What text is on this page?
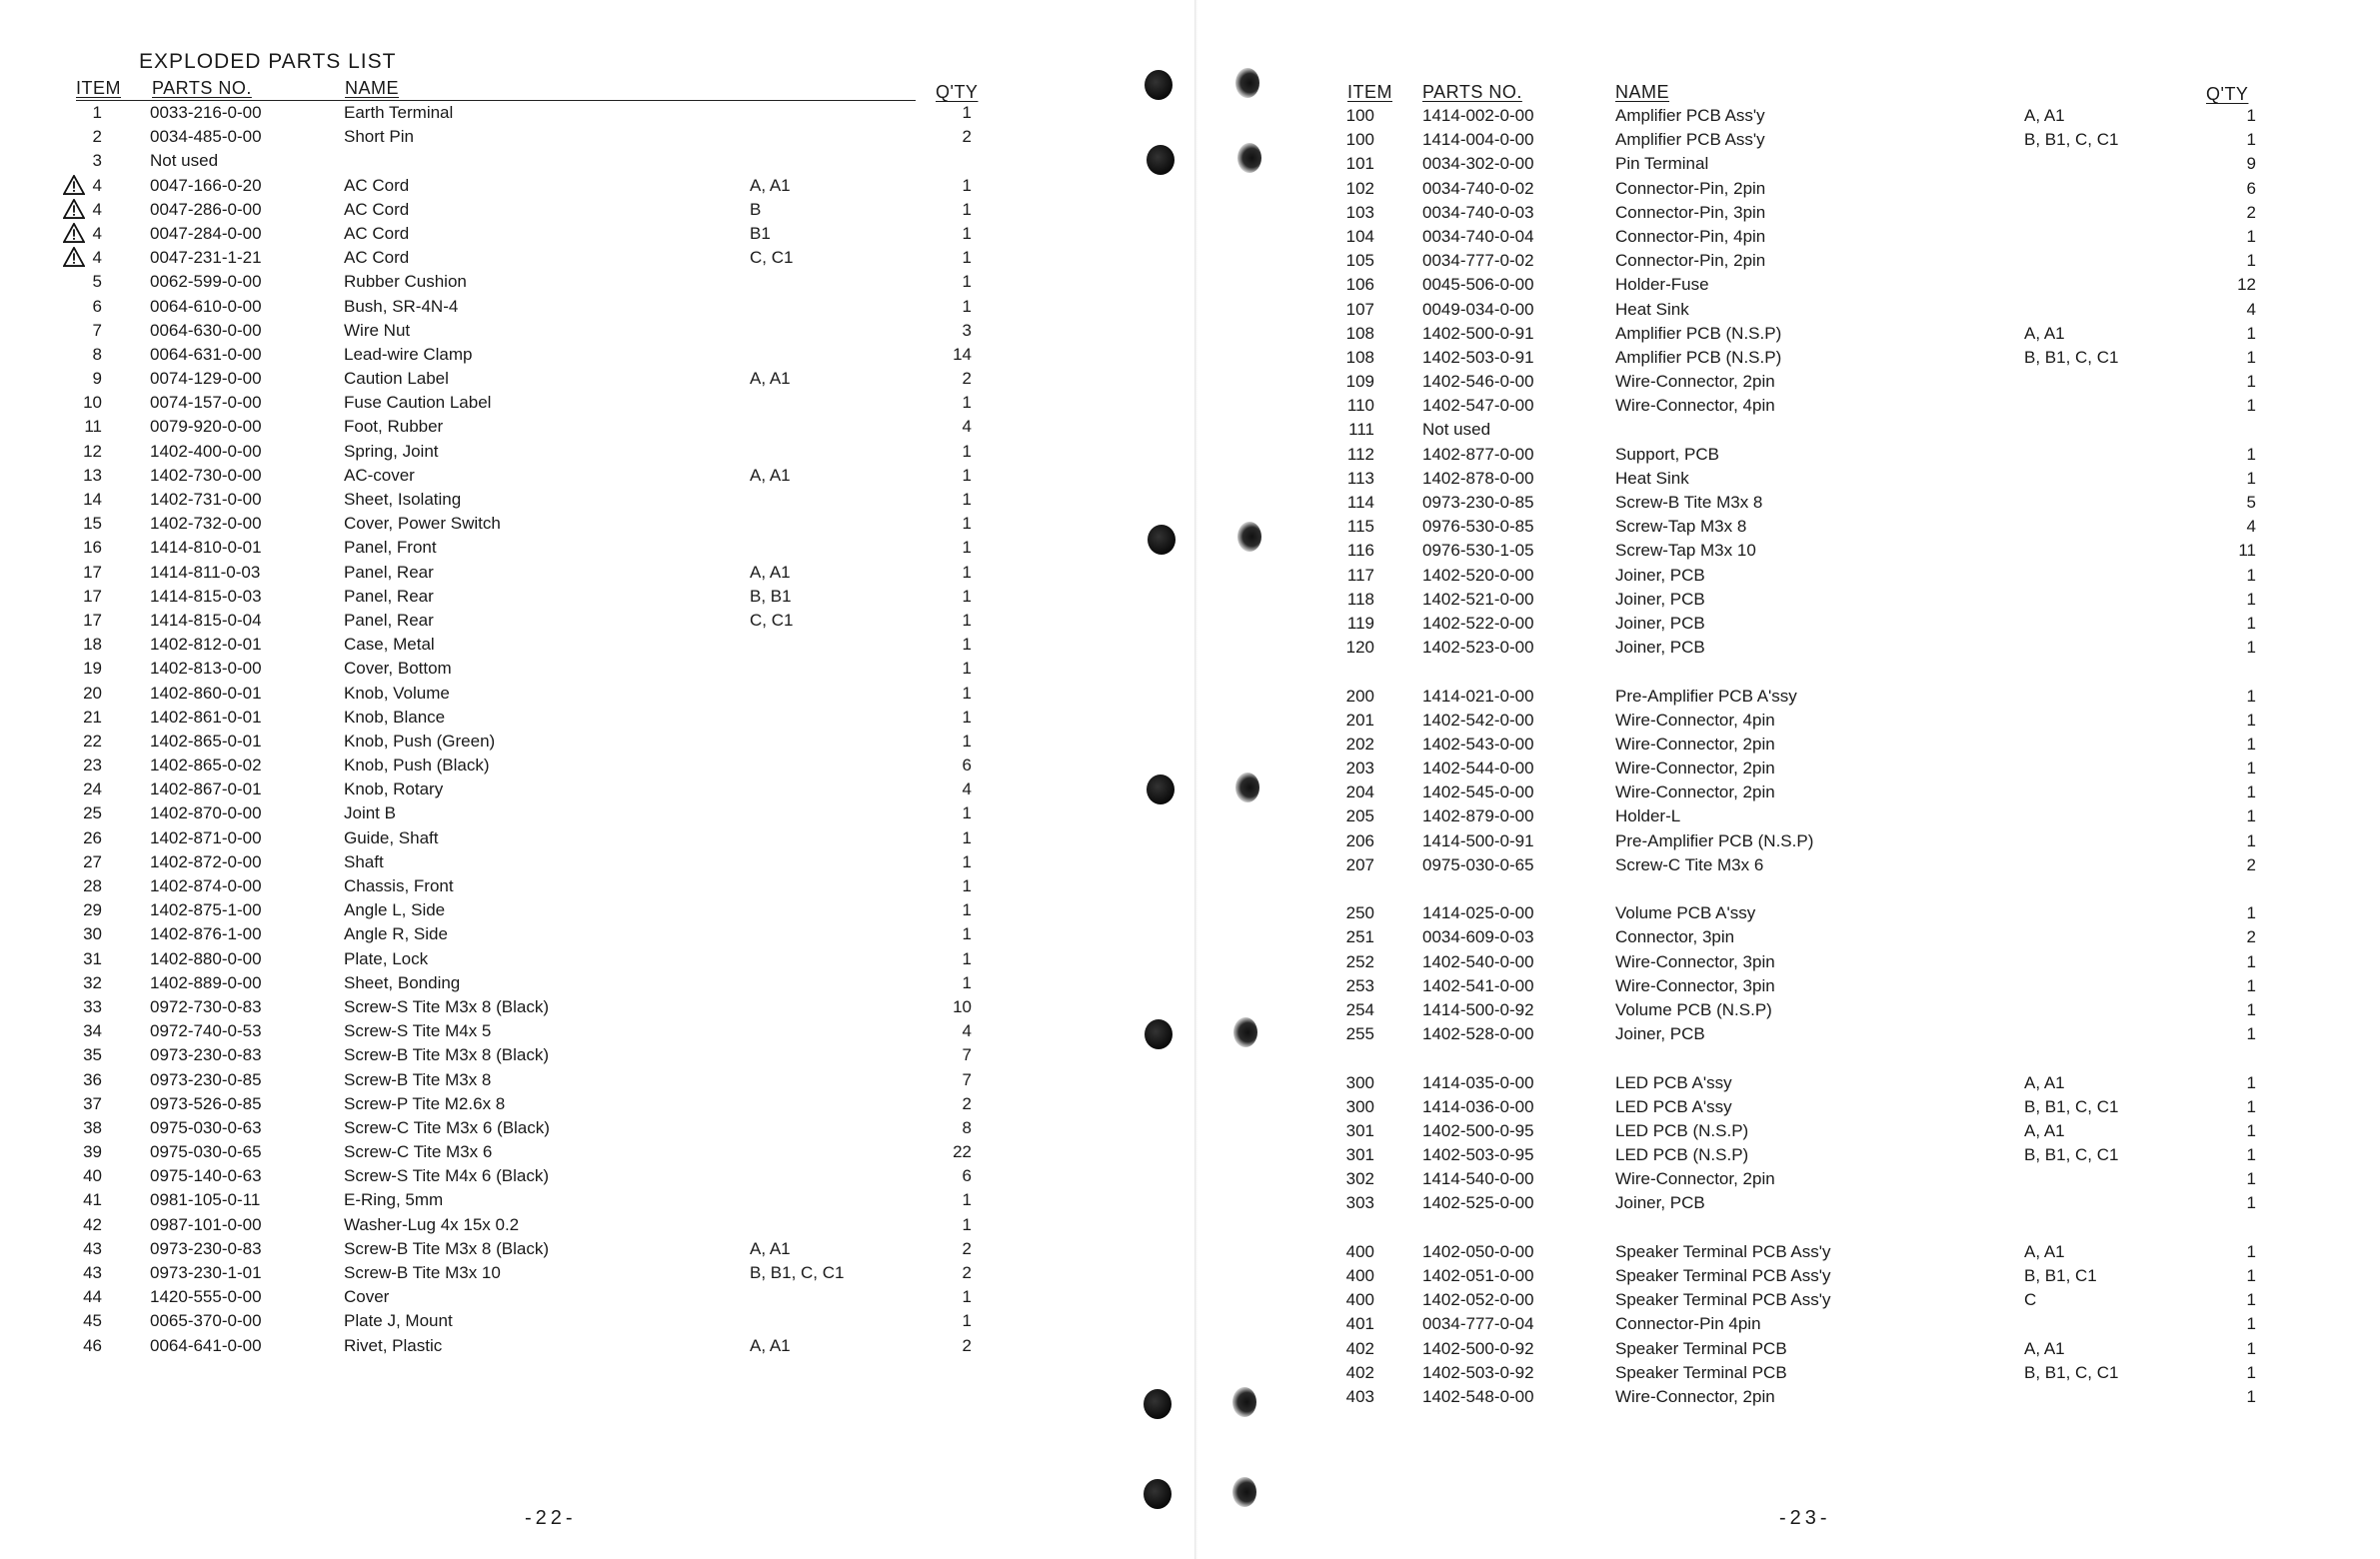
EXPLODED PARTS LIST
ITEM PARTS NO.	NAME	Q'TY
1	0033-216-0-00	Earth Terminal	1
2	0034-485-0-00	Short Pin	2
3	Not used
4	0047-166-0-20	AC Cord	A, A1	1
4	0047-286-0-00	AC Cord	B	1
4	0047-284-0-00	AC Cord	B1	1
4	0047-231-1-21	AC Cord	C, C1	1
5	0062-599-0-00	Rubber Cushion	1
6	0064-610-0-00	Bush, SR-4N-4	1
7	0064-630-0-00	Wire Nut	3
8	0064-631-0-00	Lead-wire Clamp	14
9	0074-129-0-00	Caution Label	A, A1	2
10	0074-157-0-00	Fuse Caution Label	1
11	0079-920-0-00	Foot, Rubber	4
12	1402-400-0-00	Spring, Joint	1
13	1402-730-0-00	AC-cover	A, A1	1
14	1402-731-0-00	Sheet, Isolating	1
15	1402-732-0-00	Cover, Power Switch	1
16	1414-810-0-01	Panel, Front	1
17	1414-811-0-03	Panel, Rear	A, A1	1
17	1414-815-0-03	Panel, Rear	B, B1	1
17	1414-815-0-04	Panel, Rear	C, C1	1
18	1402-812-0-01	Case, Metal	1
19	1402-813-0-00	Cover, Bottom	1
20	1402-860-0-01	Knob, Volume	1
21	1402-861-0-01	Knob, Blance	1
22	1402-865-0-01	Knob, Push (Green)	1
23	1402-865-0-02	Knob, Push (Black)	6
24	1402-867-0-01	Knob, Rotary	4
25	1402-870-0-00	Joint B	1
26	1402-871-0-00	Guide, Shaft	1
27	1402-872-0-00	Shaft	1
28	1402-874-0-00	Chassis, Front	1
29	1402-875-1-00	Angle L, Side	1
30	1402-876-1-00	Angle R, Side	1
31	1402-880-0-00	Plate, Lock	1
32	1402-889-0-00	Sheet, Bonding	1
33	0972-730-0-83	Screw-S Tite M3x 8 (Black)	10
34	0972-740-0-53	Screw-S Tite M4x 5	4
35	0973-230-0-83	Screw-B Tite M3x 8 (Black)	7
36	0973-230-0-85	Screw-B Tite M3x 8	7
37	0973-526-0-85	Screw-P Tite M2.6x 8	2
38	0975-030-0-63	Screw-C Tite M3x 6 (Black)	8
39	0975-030-0-65	Screw-C Tite M3x 6	22
40	0975-140-0-63	Screw-S Tite M4x 6 (Black)	6
41	0981-105-0-11	E-Ring, 5mm	1
42	0987-101-0-00	Washer-Lug 4x 15x 0.2	1
43	0973-230-0-83	Screw-B Tite M3x 8 (Black)	A, A1	2
43	0973-230-1-01	Screw-B Tite M3x 10	B, B1, C, C1	2
44	1420-555-0-00	Cover	1
45	0065-370-0-00	Plate J, Mount	1
46	0064-641-0-00	Rivet, Plastic	A, A1	2
-22-
ITEM PARTS NO.	NAME	Q'TY
100	1414-002-0-00	Amplifier PCB Ass'y	A, A1	1
100	1414-004-0-00	Amplifier PCB Ass'y	B, B1, C, C1	1
101	0034-302-0-00	Pin Terminal	9
102	0034-740-0-02	Connector-Pin, 2pin	6
103	0034-740-0-03	Connector-Pin, 3pin	2
104	0034-740-0-04	Connector-Pin, 4pin	1
105	0034-777-0-02	Connector-Pin, 2pin	1
106	0045-506-0-00	Holder-Fuse	12
107	0049-034-0-00	Heat Sink	4
108	1402-500-0-91	Amplifier PCB (N.S.P)	A, A1	1
108	1402-503-0-91	Amplifier PCB (N.S.P)	B, B1, C, C1	1
109	1402-546-0-00	Wire-Connector, 2pin	1
110	1402-547-0-00	Wire-Connector, 4pin	1
111	Not used
112	1402-877-0-00	Support, PCB	1
113	1402-878-0-00	Heat Sink	1
114	0973-230-0-85	Screw-B Tite M3x 8	5
115	0976-530-0-85	Screw-Tap M3x 8	4
116	0976-530-1-05	Screw-Tap M3x 10	11
117	1402-520-0-00	Joiner, PCB	1
118	1402-521-0-00	Joiner, PCB	1
119	1402-522-0-00	Joiner, PCB	1
120	1402-523-0-00	Joiner, PCB	1
200	1414-021-0-00	Pre-Amplifier PCB A'ssy	1
201	1402-542-0-00	Wire-Connector, 4pin	1
202	1402-543-0-00	Wire-Connector, 2pin	1
203	1402-544-0-00	Wire-Connector, 2pin	1
204	1402-545-0-00	Wire-Connector, 2pin	1
205	1402-879-0-00	Holder-L	1
206	1414-500-0-91	Pre-Amplifier PCB (N.S.P)	1
207	0975-030-0-65	Screw-C Tite M3x 6	2
250	1414-025-0-00	Volume PCB A'ssy	1
251	0034-609-0-03	Connector, 3pin	2
252	1402-540-0-00	Wire-Connector, 3pin	1
253	1402-541-0-00	Wire-Connector, 3pin	1
254	1414-500-0-92	Volume PCB (N.S.P)	1
255	1402-528-0-00	Joiner, PCB	1
300	1414-035-0-00	LED PCB A'ssy	A, A1	1
300	1414-036-0-00	LED PCB A'ssy	B, B1, C, C1	1
301	1402-500-0-95	LED PCB (N.S.P)	A, A1	1
301	1402-503-0-95	LED PCB (N.S.P)	B, B1, C, C1	1
302	1414-540-0-00	Wire-Connector, 2pin	1
303	1402-525-0-00	Joiner, PCB	1
400	1402-050-0-00	Speaker Terminal PCB Ass'y	A, A1	1
400	1402-051-0-00	Speaker Terminal PCB Ass'y	B, B1, C1	1
400	1402-052-0-00	Speaker Terminal PCB Ass'y	C	1
401	0034-777-0-04	Connector-Pin 4pin	1
402	1402-500-0-92	Speaker Terminal PCB	A, A1	1
402	1402-503-0-92	Speaker Terminal PCB	B, B1, C, C1	1
403	1402-548-0-00	Wire-Connector, 2pin	1
-23-
